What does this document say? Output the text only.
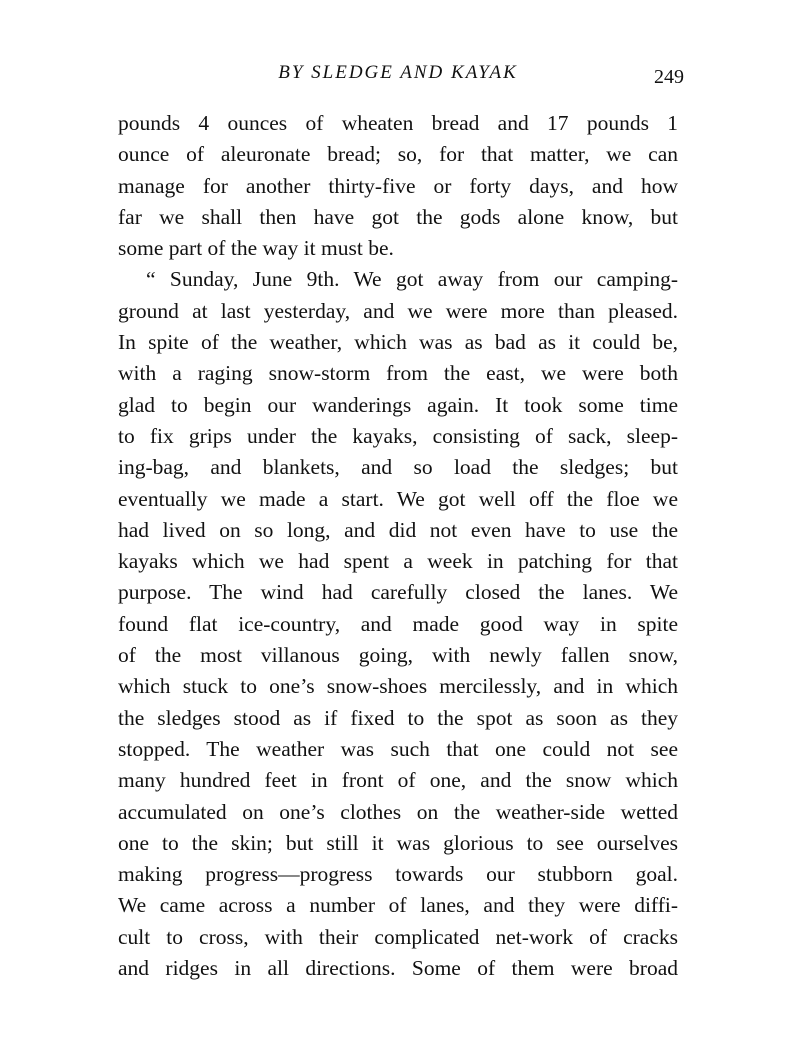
BY SLEDGE AND KAYAK	249
pounds 4 ounces of wheaten bread and 17 pounds 1
ounce of aleuronate bread; so, for that matter, we can
manage for another thirty-five or forty days, and how
far we shall then have got the gods alone know, but
some part of the way it must be.
“ Sunday, June 9th. We got away from our camping-
ground at last yesterday, and we were more than pleased.
In spite of the weather, which was as bad as it could be,
with a raging snow-storm from the east, we were both
glad to begin our wanderings again. It took some time
to fix grips under the kayaks, consisting of sack, sleep-
ing-bag, and blankets, and so load the sledges; but
eventually we made a start. We got well off the floe we
had lived on so long, and did not even have to use the
kayaks which we had spent a week in patching for that
purpose. The wind had carefully closed the lanes. We
found flat ice-country, and made good way in spite
of the most villanous going, with newly fallen snow,
which stuck to one’s snow-shoes mercilessly, and in which
the sledges stood as if fixed to the spot as soon as they
stopped. The weather was such that one could not see
many hundred feet in front of one, and the snow which
accumulated on one’s clothes on the weather-side wetted
one to the skin; but still it was glorious to see ourselves
making progress—progress towards our stubborn goal.
We came across a number of lanes, and they were diffi-
cult to cross, with their complicated net-work of cracks
and ridges in all directions. Some of them were broad
